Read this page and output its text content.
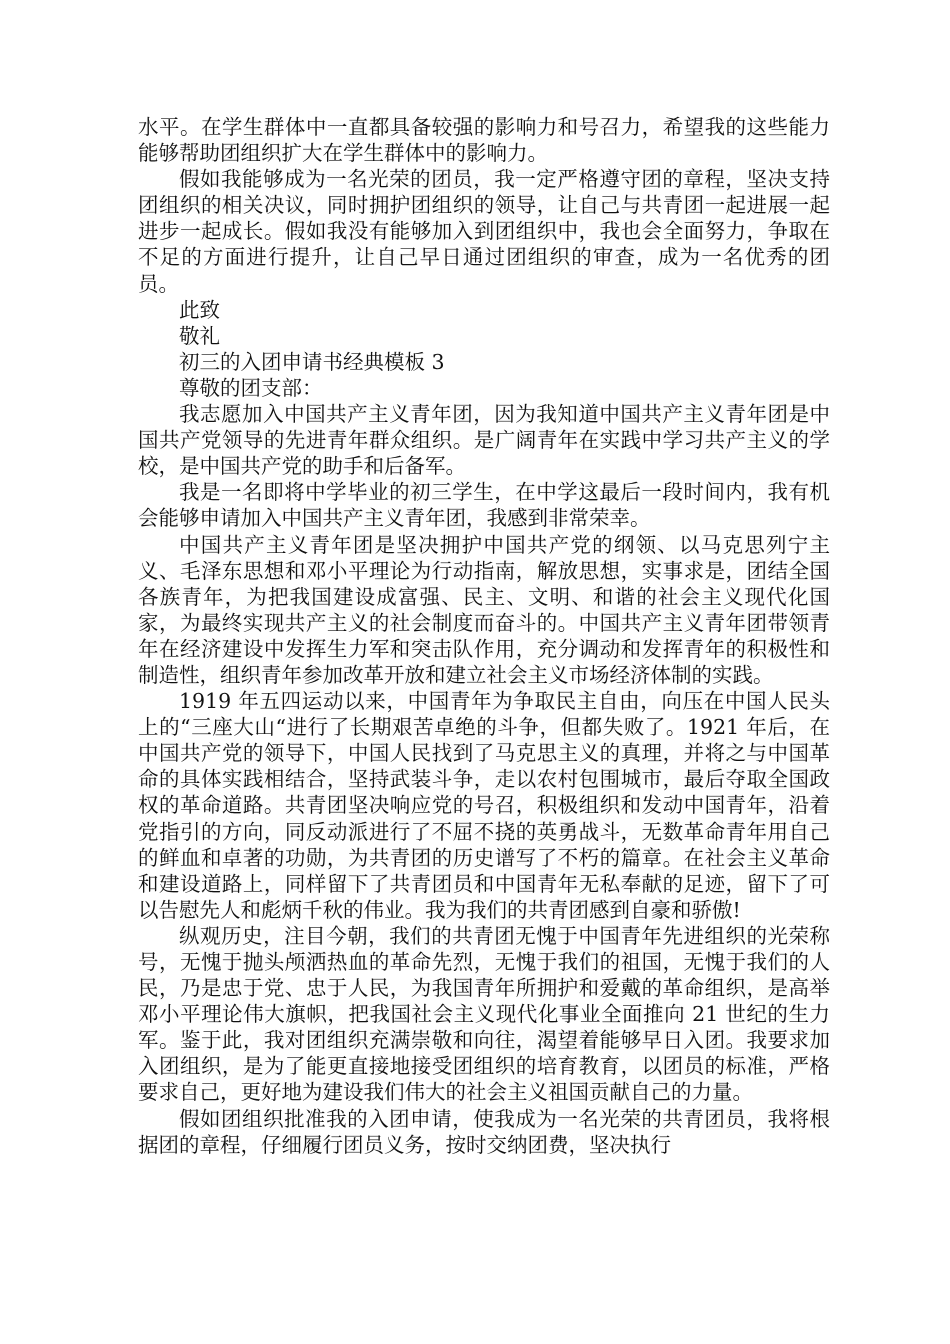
水平。在学生群体中一直都具备较强的影响力和号召力，希望我的这些能力能够帮助团组织扩大在学生群体中的影响力。

假如我能够成为一名光荣的团员，我一定严格遵守团的章程，坚决支持团组织的相关决议，同时拥护团组织的领导，让自己与共青团一起进展一起进步一起成长。假如我没有能够加入到团组织中，我也会全面努力，争取在不足的方面进行提升，让自己早日通过团组织的审查，成为一名优秀的团员。

此致

敬礼

初三的入团申请书经典模板 3

尊敬的团支部：

我志愿加入中国共产主义青年团，因为我知道中国共产主义青年团是中国共产党领导的先进青年群众组织。是广阔青年在实践中学习共产主义的学校，是中国共产党的助手和后备军。

我是一名即将中学毕业的初三学生，在中学这最后一段时间内，我有机会能够申请加入中国共产主义青年团，我感到非常荣幸。

中国共产主义青年团是坚决拥护中国共产党的纲领、以马克思列宁主义、毛泽东思想和邓小平理论为行动指南，解放思想，实事求是，团结全国各族青年，为把我国建设成富强、民主、文明、和谐的社会主义现代化国家，为最终实现共产主义的社会制度而奋斗的。中国共产主义青年团带领青年在经济建设中发挥生力军和突击队作用，充分调动和发挥青年的积极性和制造性，组织青年参加改革开放和建立社会主义市场经济体制的实践。

1919 年五四运动以来，中国青年为争取民主自由，向压在中国人民头上的“三座大山“进行了长期艰苦卓绝的斗争，但都失败了。1921 年后，在中国共产党的领导下，中国人民找到了马克思主义的真理，并将之与中国革命的具体实践相结合，坚持武装斗争，走以农村包围城市，最后夺取全国政权的革命道路。共青团坚决响应党的号召，积极组织和发动中国青年，沿着党指引的方向，同反动派进行了不屈不挠的英勇战斗，无数革命青年用自己的鲜血和卓著的功勋，为共青团的历史谱写了不朽的篇章。在社会主义革命和建设道路上，同样留下了共青团员和中国青年无私奉献的足迹，留下了可以告慰先人和彪炳千秋的伟业。我为我们的共青团感到自豪和骄傲!

纵观历史，注目今朝，我们的共青团无愧于中国青年先进组织的光荣称号，无愧于抛头颅洒热血的革命先烈，无愧于我们的祖国，无愧于我们的人民，乃是忠于党、忠于人民，为我国青年所拥护和爱戴的革命组织，是高举邓小平理论伟大旗帜，把我国社会主义现代化事业全面推向 21 世纪的生力军。鉴于此，我对团组织充满崇敬和向往，渴望着能够早日入团。我要求加入团组织，是为了能更直接地接受团组织的培育教育，以团员的标准，严格要求自己，更好地为建设我们伟大的社会主义祖国贡献自己的力量。

假如团组织批准我的入团申请，使我成为一名光荣的共青团员，我将根据团的章程，仔细履行团员义务，按时交纳团费，坚决执行
